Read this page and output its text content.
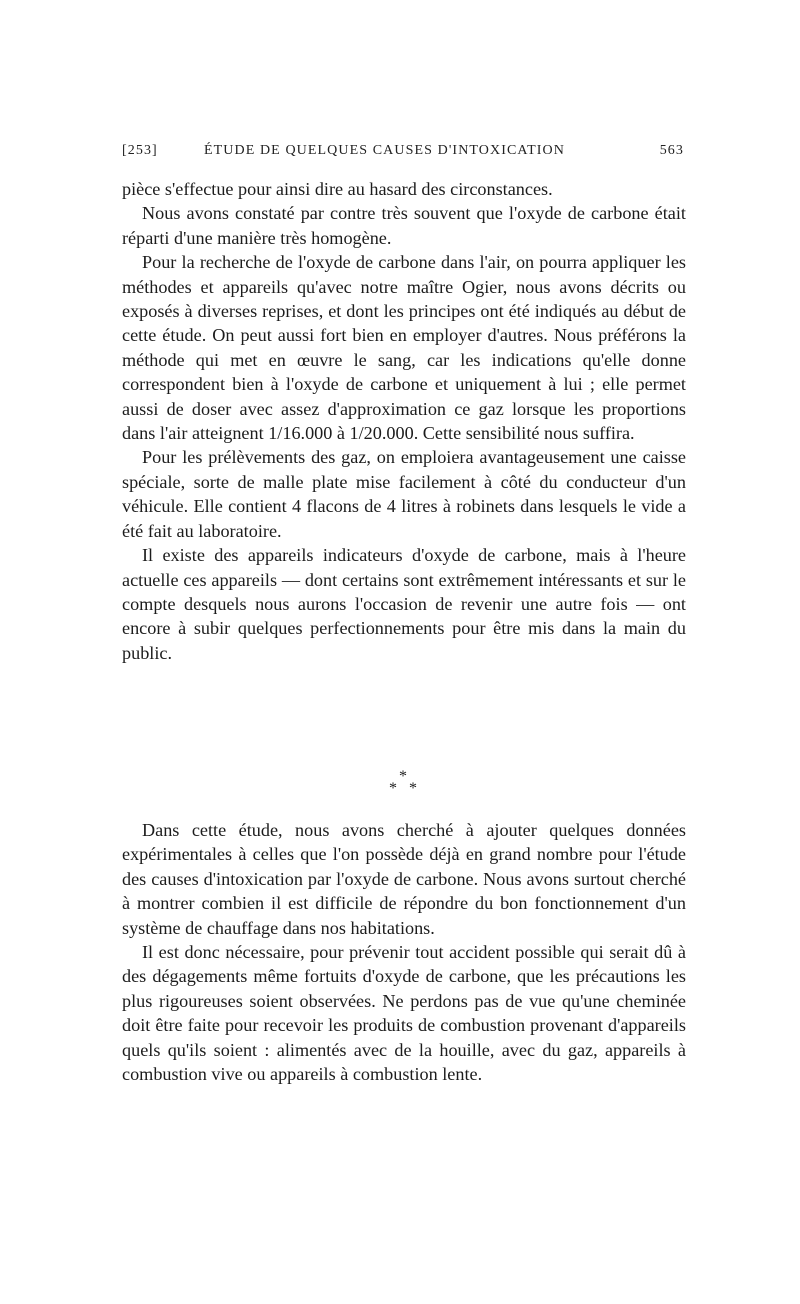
[253]	ÉTUDE DE QUELQUES CAUSES D'INTOXICATION	563

pièce s'effectue pour ainsi dire au hasard des circonstances.

Nous avons constaté par contre très souvent que l'oxyde de carbone était réparti d'une manière très homogène.

Pour la recherche de l'oxyde de carbone dans l'air, on pourra appliquer les méthodes et appareils qu'avec notre maître Ogier, nous avons décrits ou exposés à diverses reprises, et dont les principes ont été indiqués au début de cette étude. On peut aussi fort bien en employer d'autres. Nous préférons la méthode qui met en œuvre le sang, car les indications qu'elle donne correspondent bien à l'oxyde de carbone et uniquement à lui ; elle permet aussi de doser avec assez d'approximation ce gaz lorsque les proportions dans l'air atteignent 1/16.000 à 1/20.000. Cette sensibilité nous suffira.

Pour les prélèvements des gaz, on emploiera avantageusement une caisse spéciale, sorte de malle plate mise facilement à côté du conducteur d'un véhicule. Elle contient 4 flacons de 4 litres à robinets dans lesquels le vide a été fait au laboratoire.

Il existe des appareils indicateurs d'oxyde de carbone, mais à l'heure actuelle ces appareils — dont certains sont extrêmement intéressants et sur le compte desquels nous aurons l'occasion de revenir une autre fois — ont encore à subir quelques perfectionnements pour être mis dans la main du public.

*
* *

Dans cette étude, nous avons cherché à ajouter quelques données expérimentales à celles que l'on possède déjà en grand nombre pour l'étude des causes d'intoxication par l'oxyde de carbone. Nous avons surtout cherché à montrer combien il est difficile de répondre du bon fonctionnement d'un système de chauffage dans nos habitations.

Il est donc nécessaire, pour prévenir tout accident possible qui serait dû à des dégagements même fortuits d'oxyde de carbone, que les précautions les plus rigoureuses soient observées. Ne perdons pas de vue qu'une cheminée doit être faite pour recevoir les produits de combustion provenant d'appareils quels qu'ils soient : alimentés avec de la houille, avec du gaz, appareils à combustion vive ou appareils à combustion lente.
